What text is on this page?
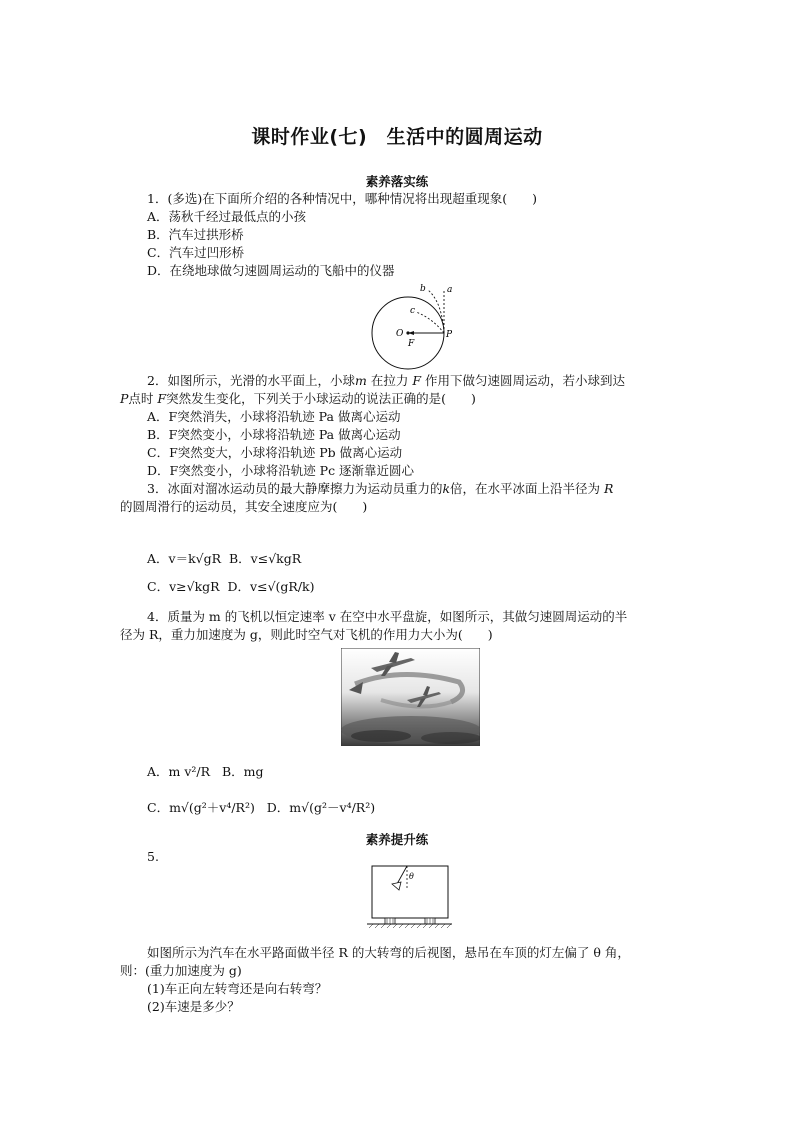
课时作业(七)　生活中的圆周运动
素养落实练
1．(多选)在下面所介绍的各种情况中，哪种情况将出现超重现象(　　)
A．荡秋千经过最低点的小孩
B．汽车过拱形桥
C．汽车过凹形桥
D．在绕地球做匀速圆周运动的飞船中的仪器
a
b
c
O	P
F
2．如图所示，光滑的水平面上，小球m 在拉力 F 作用下做匀速圆周运动，若小球到达
P点时 F突然发生变化，下列关于小球运动的说法正确的是(　　)
A．F突然消失，小球将沿轨迹 Pa 做离心运动
B．F突然变小，小球将沿轨迹 Pa 做离心运动
C．F突然变大，小球将沿轨迹 Pb 做离心运动
D．F突然变小，小球将沿轨迹 Pc 逐渐靠近圆心
3．冰面对溜冰运动员的最大静摩擦力为运动员重力的k倍，在水平冰面上沿半径为 R
的圆周滑行的运动员，其安全速度应为(　　)
A．v＝k√gR B．v≤√kgR
C．v≥√kgR D．v≤√(gR/k)
4．质量为 m 的飞机以恒定速率 v 在空中水平盘旋，如图所示，其做匀速圆周运动的半
径为 R，重力加速度为 g，则此时空气对飞机的作用力大小为(　　)
A．m v²/R B．mg
C．m√(g²＋v⁴/R²) D．m√(g²－v⁴/R²)
素养提升练
5.
θ
如图所示为汽车在水平路面做半径 R 的大转弯的后视图，悬吊在车顶的灯左偏了 θ 角，
则：(重力加速度为 g)
(1)车正向左转弯还是向右转弯？
(2)车速是多少？
